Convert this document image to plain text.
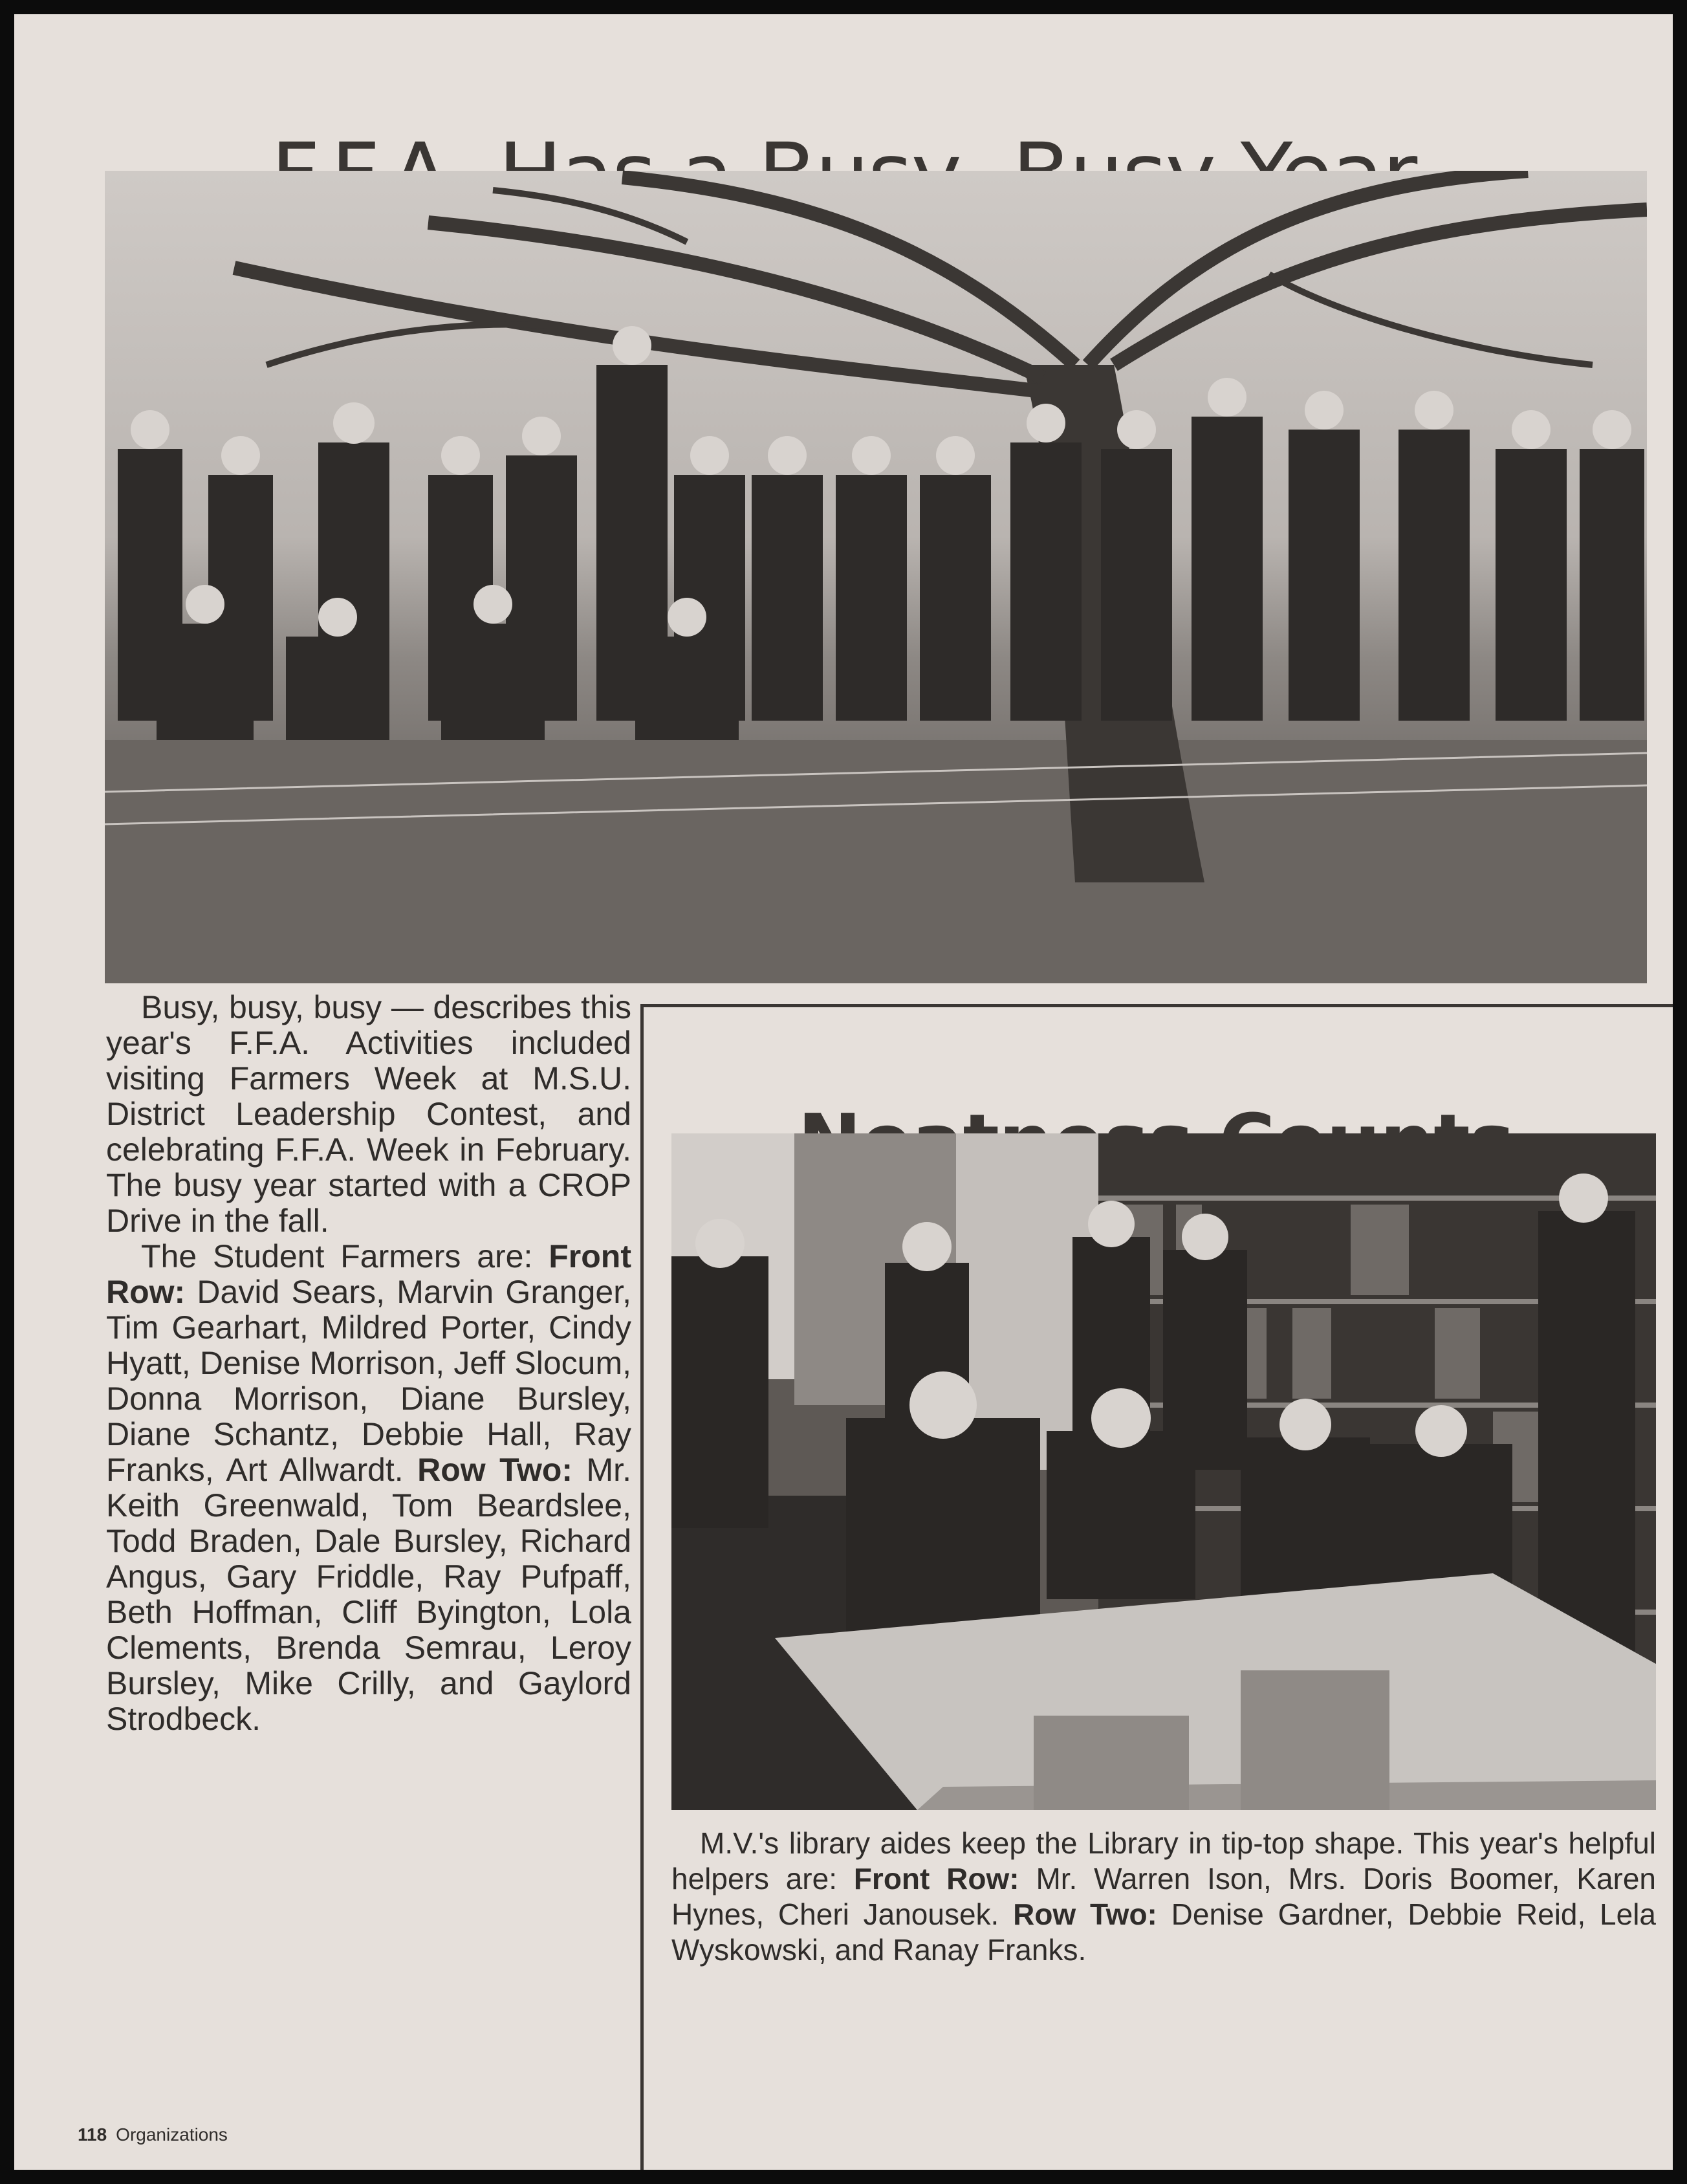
Busy, busy, busy — describes this year's F.F.A. Activities included visiting Farmers Week at M.S.U. District Leadership Contest, and celebrating F.F.A. Week in February. The busy year started with a CROP Drive in the fall.

The Student Farmers are: Front Row: David Sears, Marvin Granger, Tim Gearhart, Mildred Porter, Cindy Hyatt, Denise Morrison, Jeff Slocum, Donna Morrison, Diane Bursley, Diane Schantz, Debbie Hall, Ray Franks, Art Allwardt. Row Two: Mr. Keith Greenwald, Tom Beardslee, Todd Braden, Dale Bursley, Richard Angus, Gary Friddle, Ray Pufpaff, Beth Hoffman, Cliff Byington, Lola Clements, Brenda Semrau, Leroy Bursley, Mike Crilly, and Gaylord Strodbeck.

M.V.'s library aides keep the Library in tip-top shape. This year's helpful helpers are: Front Row: Mr. Warren Ison, Mrs. Doris Boomer, Karen Hynes, Cheri Janousek. Row Two: Denise Gardner, Debbie Reid, Lela Wyskowski, and Ranay Franks.

118 Organizations
